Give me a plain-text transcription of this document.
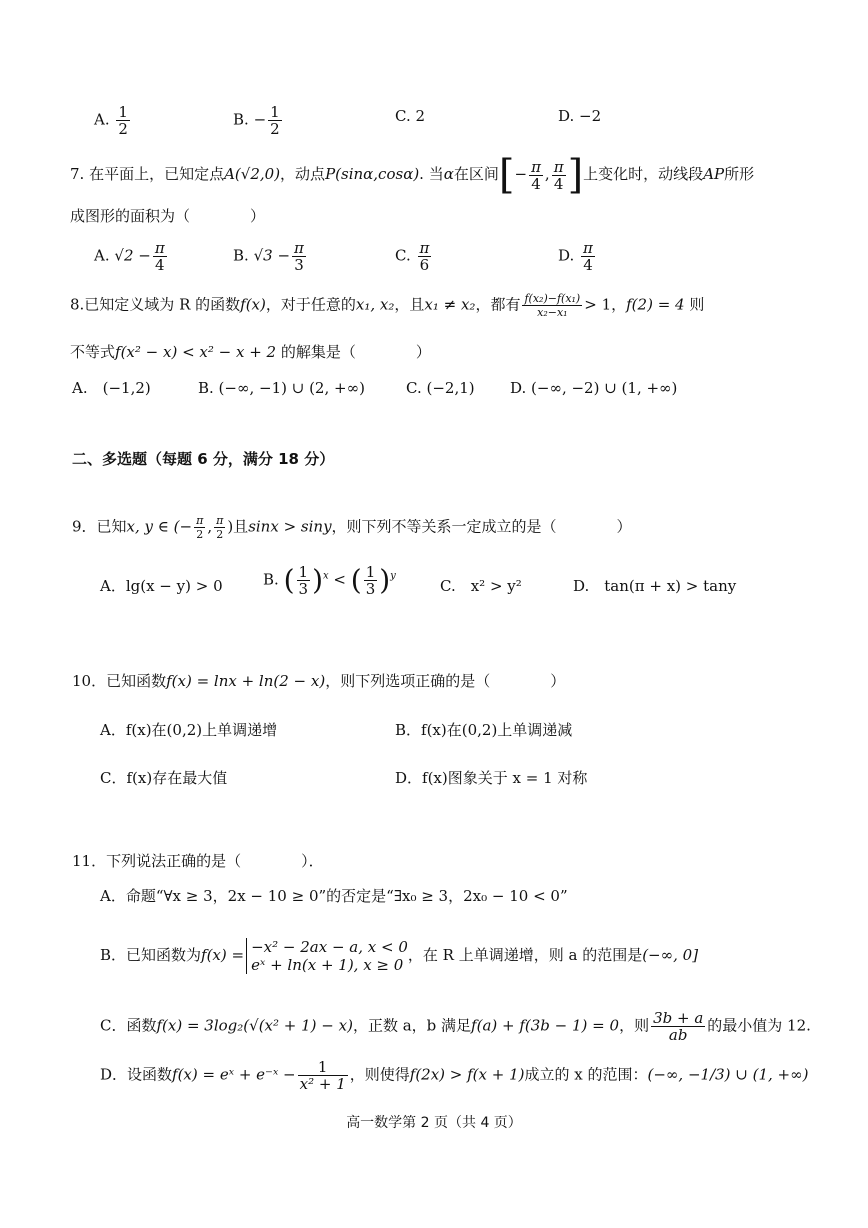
A. $\frac{1}{2}$	B. − $\frac{1}{2}$	C. 2	D. −2
7. 在平面上，已知定点A(√2,0)，动点P(sinα,cosα). 当α在区间[− $\frac{\pi}{4}$ , $\frac{\pi}{4}$ ]上变化时，动线段AP所形
成图形的面积为（　　　　）
A. $√2 - \frac{\pi}{4}$	B. $√3 - \frac{\pi}{3}$	C. $\frac{\pi}{6}$	D. $\frac{\pi}{4}$
8.已知定义域为 R 的函数f(x)，对于任意的x₁, x₂，且x₁ ≠ x₂，都有 $\frac{\text{f(x₂)−f(x₁)}}{\text{x₂−x₁}} > 1$，f(2) = 4 则
不等式f(x² − x) < x² − x + 2 的解集是（　　　　）
A.　(−1,2)	B. (−∞, −1) ∪ (2, +∞)	C. (−2,1) D. (−∞, −2) ∪ (1, +∞)
二、多选题（每题 6 分，满分 18 分）
9．已知x, y ∈ (− $\frac{\pi}{2}$ , $\frac{\pi}{2}$ )且sinx > siny，则下列不等关系一定成立的是（　　　　）
A．lg(x − y) > 0	B. ( $\frac{1}{3} )^x$ < ( $\frac{1}{3} )^y$
C.　x² > y²	D.　tan(π + x) > tany
10．已知函数f(x) = lnx + ln(2 − x)，则下列选项正确的是（　　　　）
A．f(x)在(0,2)上单调递增	B．f(x)在(0,2)上单调递减
C．f(x)存在最大值	D．f(x)图象关于 x = 1 对称
11．下列说法正确的是（　　　　）．
A．命题“∀x ≥ 3，2x − 10 ≥ 0”的否定是“∃x₀ ≥ 3，2x₀ − 10 < 0”
B．已知函数为f(x) = −x² − 2ax − a, x < 0
eˣ + ln(x + 1), x ≥ 0
，在 R 上单调递增，则 a 的范围是(−∞, 0]
C．函数f(x) = 3log₂(√(x² + 1) − x)，正数 a，b 满足f(a) + f(3b − 1) = 0，则 $\frac{3b + a}{ab}$ 的最小值为 12.
D．设函数f(x) = eˣ + e⁻ˣ − $\frac{1}{\text{x² + 1}}$ ，则使得f(2x) > f(x + 1)成立的 x 的范围：(−∞, −1/3) ∪ (1, +∞)
高一数学第 2 页（共 4 页）
